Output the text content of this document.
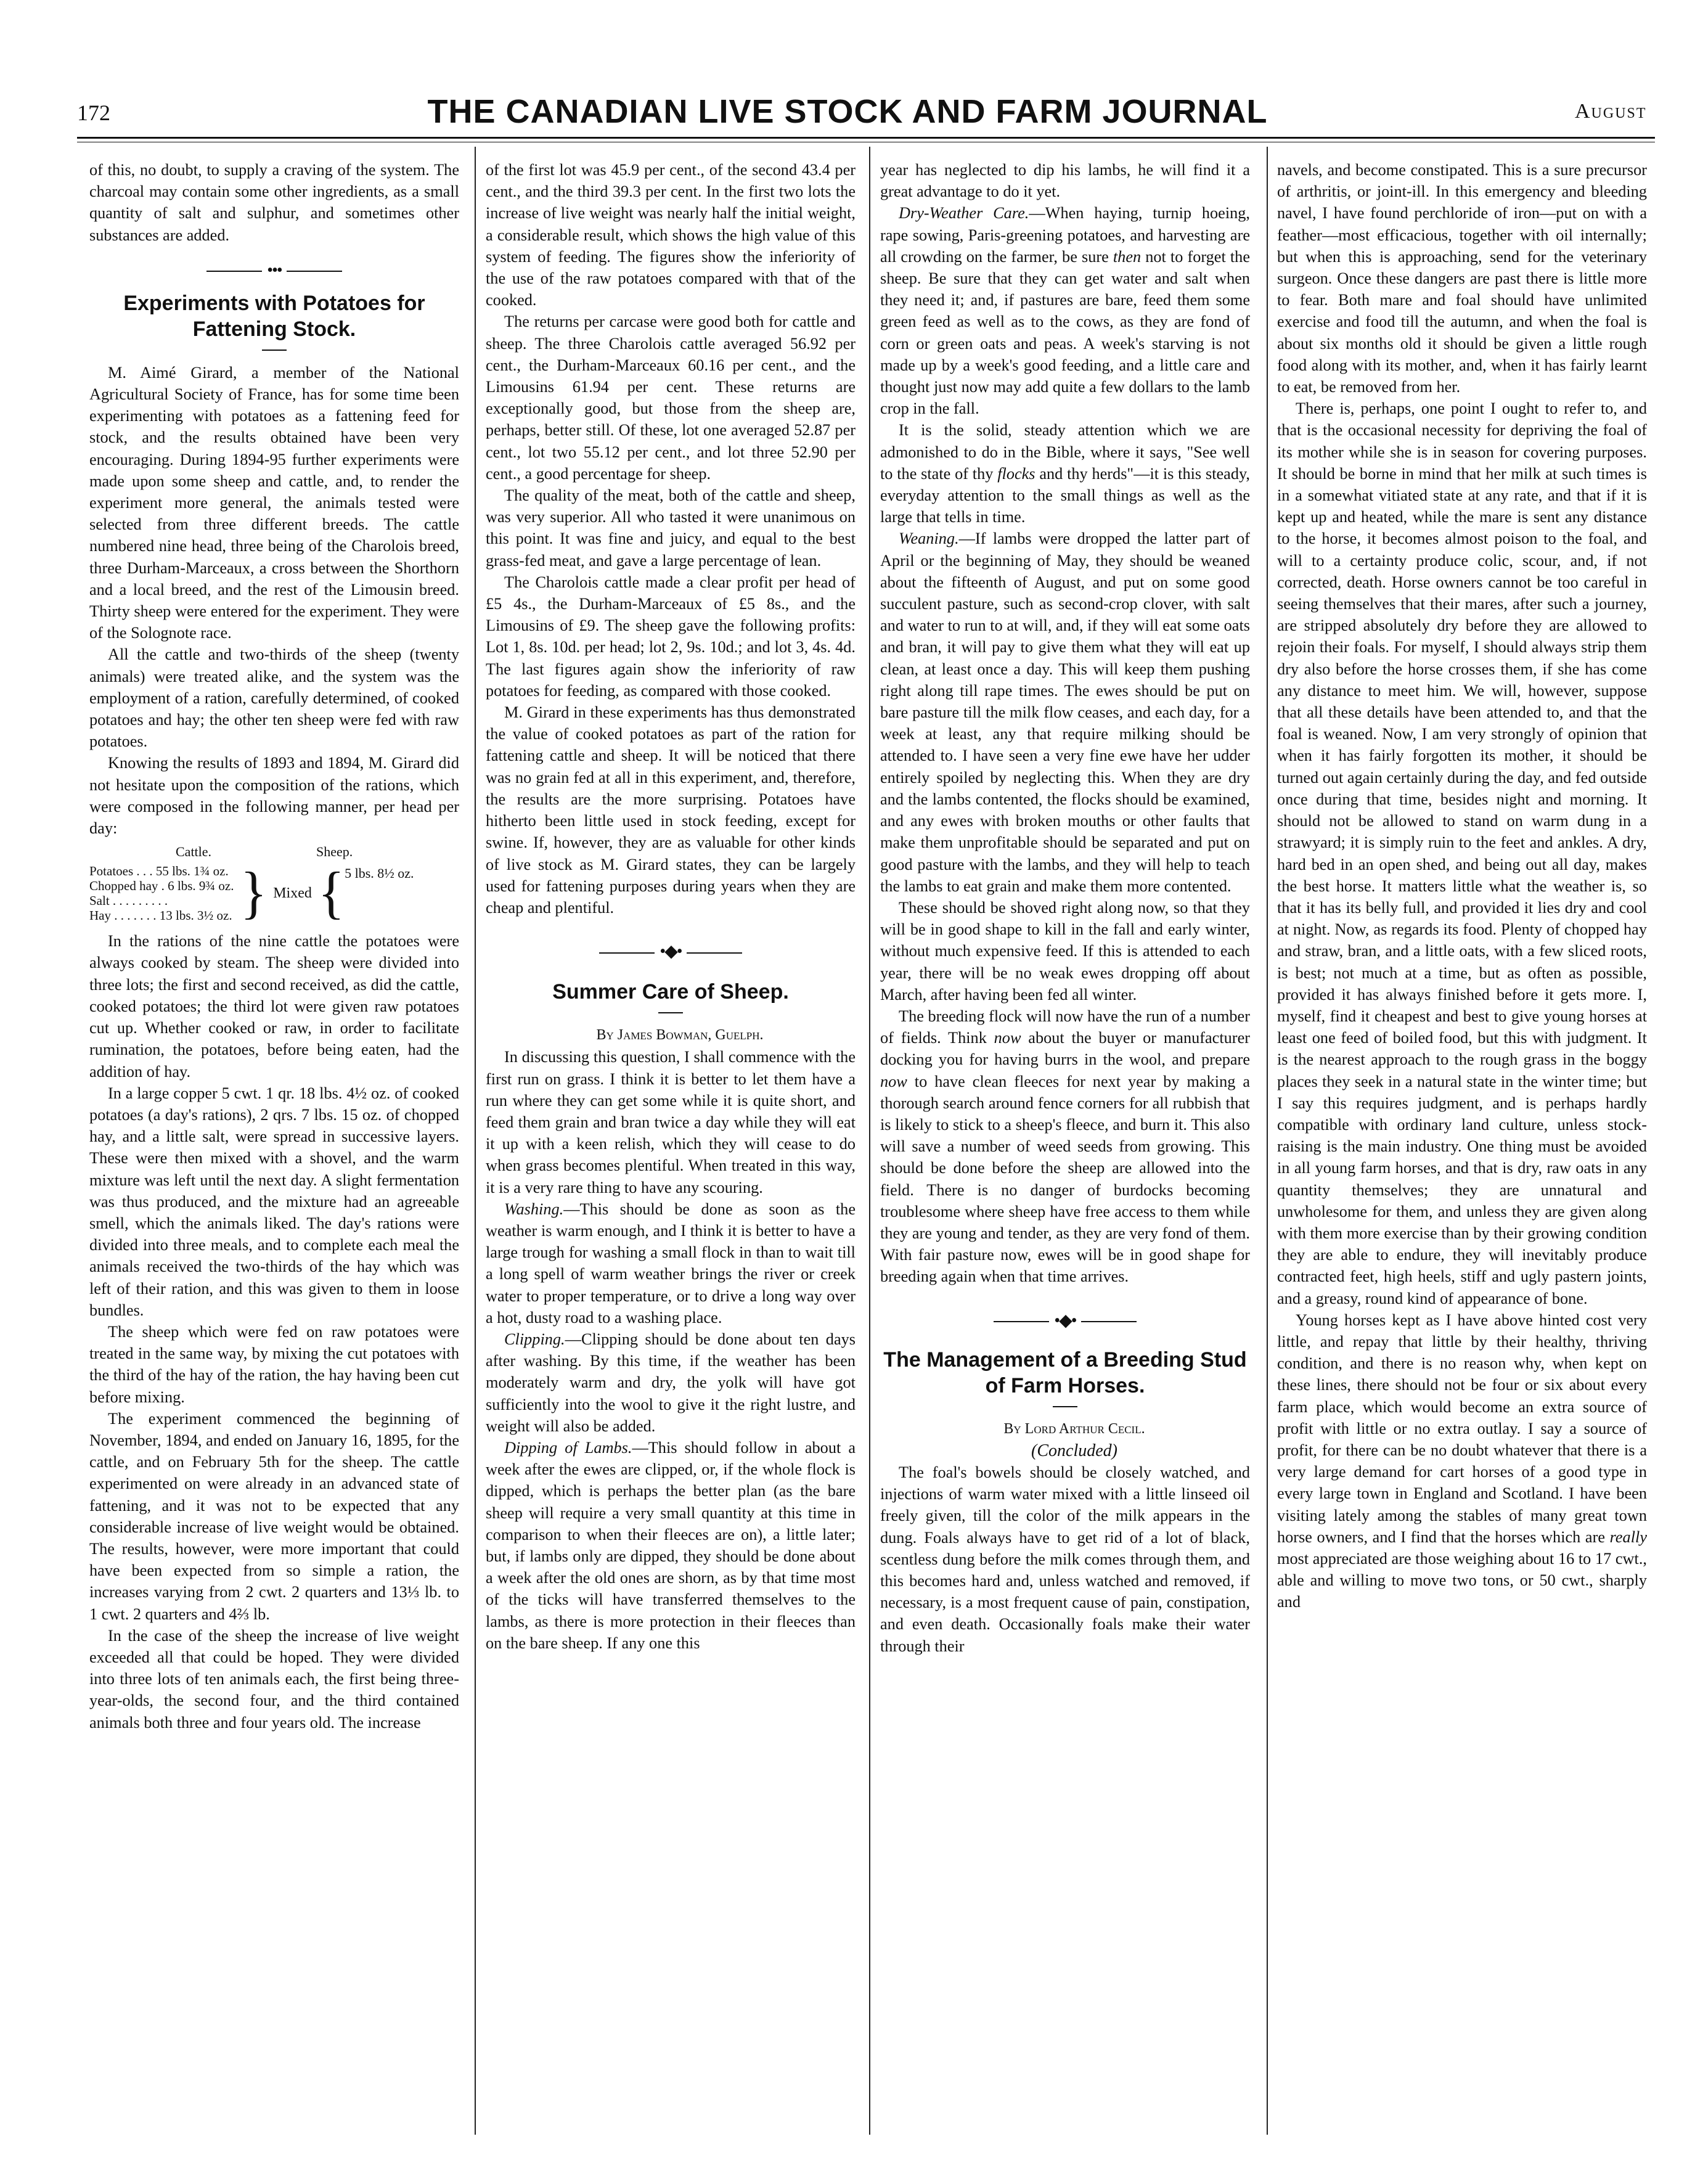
172	THE CANADIAN LIVE STOCK AND FARM JOURNAL	August

of this, no doubt, to supply a craving of the system. The charcoal may contain some other ingredients, as a small quantity of salt and sulphur, and sometimes other substances are added.

•••
Experiments with Potatoes for Fattening Stock.

M. Aimé Girard, a member of the National Agricultural Society of France, has for some time been experimenting with potatoes as a fattening feed for stock, and the results obtained have been very encouraging. During 1894-95 further experiments were made upon some sheep and cattle, and, to render the experiment more general, the animals tested were selected from three different breeds. The cattle numbered nine head, three being of the Charolois breed, three Durham-Marceaux, a cross between the Shorthorn and a local breed, and the rest of the Limousin breed. Thirty sheep were entered for the experiment. They were of the Solognote race.

All the cattle and two-thirds of the sheep (twenty animals) were treated alike, and the system was the employment of a ration, carefully determined, of cooked potatoes and hay; the other ten sheep were fed with raw potatoes.

Knowing the results of 1893 and 1894, M. Girard did not hesitate upon the composition of the rations, which were composed in the following manner, per head per day:

Cattle.	Sheep.
Potatoes . . . 55 lbs. 1¾ oz.
Chopped hay . 6 lbs. 9¾ oz.
Salt . . . . . . . . .
Hay . . . . . . . 13 lbs. 3½ oz. } Mixed { 5 lbs. 8½ oz.

In the rations of the nine cattle the potatoes were always cooked by steam. The sheep were divided into three lots; the first and second received, as did the cattle, cooked potatoes; the third lot were given raw potatoes cut up. Whether cooked or raw, in order to facilitate rumination, the potatoes, before being eaten, had the addition of hay.

In a large copper 5 cwt. 1 qr. 18 lbs. 4½ oz. of cooked potatoes (a day's rations), 2 qrs. 7 lbs. 15 oz. of chopped hay, and a little salt, were spread in successive layers. These were then mixed with a shovel, and the warm mixture was left until the next day. A slight fermentation was thus produced, and the mixture had an agreeable smell, which the animals liked. The day's rations were divided into three meals, and to complete each meal the animals received the two-thirds of the hay which was left of their ration, and this was given to them in loose bundles.

The sheep which were fed on raw potatoes were treated in the same way, by mixing the cut potatoes with the third of the hay of the ration, the hay having been cut before mixing.

The experiment commenced the beginning of November, 1894, and ended on January 16, 1895, for the cattle, and on February 5th for the sheep. The cattle experimented on were already in an advanced state of fattening, and it was not to be expected that any considerable increase of live weight would be obtained. The results, however, were more important that could have been expected from so simple a ration, the increases varying from 2 cwt. 2 quarters and 13⅓ lb. to 1 cwt. 2 quarters and 4⅔ lb.

In the case of the sheep the increase of live weight exceeded all that could be hoped. They were divided into three lots of ten animals each, the first being three-year-olds, the second four, and the third contained animals both three and four years old. The increase

of the first lot was 45.9 per cent., of the second 43.4 per cent., and the third 39.3 per cent. In the first two lots the increase of live weight was nearly half the initial weight, a considerable result, which shows the high value of this system of feeding. The figures show the inferiority of the use of the raw potatoes compared with that of the cooked.

The returns per carcase were good both for cattle and sheep. The three Charolois cattle averaged 56.92 per cent., the Durham-Marceaux 60.16 per cent., and the Limousins 61.94 per cent. These returns are exceptionally good, but those from the sheep are, perhaps, better still. Of these, lot one averaged 52.87 per cent., lot two 55.12 per cent., and lot three 52.90 per cent., a good percentage for sheep.

The quality of the meat, both of the cattle and sheep, was very superior. All who tasted it were unanimous on this point. It was fine and juicy, and equal to the best grass-fed meat, and gave a large percentage of lean.

The Charolois cattle made a clear profit per head of £5 4s., the Durham-Marceaux of £5 8s., and the Limousins of £9. The sheep gave the following profits: Lot 1, 8s. 10d. per head; lot 2, 9s. 10d.; and lot 3, 4s. 4d. The last figures again show the inferiority of raw potatoes for feeding, as compared with those cooked.

M. Girard in these experiments has thus demonstrated the value of cooked potatoes as part of the ration for fattening cattle and sheep. It will be noticed that there was no grain fed at all in this experiment, and, therefore, the results are the more surprising. Potatoes have hitherto been little used in stock feeding, except for swine. If, however, they are as valuable for other kinds of live stock as M. Girard states, they can be largely used for fattening purposes during years when they are cheap and plentiful.

•◆•
Summer Care of Sheep.

By James Bowman, Guelph.

In discussing this question, I shall commence with the first run on grass. I think it is better to let them have a run where they can get some while it is quite short, and feed them grain and bran twice a day while they will eat it up with a keen relish, which they will cease to do when grass becomes plentiful. When treated in this way, it is a very rare thing to have any scouring.

Washing.—This should be done as soon as the weather is warm enough, and I think it is better to have a large trough for washing a small flock in than to wait till a long spell of warm weather brings the river or creek water to proper temperature, or to drive a long way over a hot, dusty road to a washing place.

Clipping.—Clipping should be done about ten days after washing. By this time, if the weather has been moderately warm and dry, the yolk will have got sufficiently into the wool to give it the right lustre, and weight will also be added.

Dipping of Lambs.—This should follow in about a week after the ewes are clipped, or, if the whole flock is dipped, which is perhaps the better plan (as the bare sheep will require a very small quantity at this time in comparison to when their fleeces are on), a little later; but, if lambs only are dipped, they should be done about a week after the old ones are shorn, as by that time most of the ticks will have transferred themselves to the lambs, as there is more protection in their fleeces than on the bare sheep. If any one this

year has neglected to dip his lambs, he will find it a great advantage to do it yet.

Dry-Weather Care.—When haying, turnip hoeing, rape sowing, Paris-greening potatoes, and harvesting are all crowding on the farmer, be sure then not to forget the sheep. Be sure that they can get water and salt when they need it; and, if pastures are bare, feed them some green feed as well as to the cows, as they are fond of corn or green oats and peas. A week's starving is not made up by a week's good feeding, and a little care and thought just now may add quite a few dollars to the lamb crop in the fall.

It is the solid, steady attention which we are admonished to do in the Bible, where it says, "See well to the state of thy flocks and thy herds"—it is this steady, everyday attention to the small things as well as the large that tells in time.

Weaning.—If lambs were dropped the latter part of April or the beginning of May, they should be weaned about the fifteenth of August, and put on some good succulent pasture, such as second-crop clover, with salt and water to run to at will, and, if they will eat some oats and bran, it will pay to give them what they will eat up clean, at least once a day. This will keep them pushing right along till rape times. The ewes should be put on bare pasture till the milk flow ceases, and each day, for a week at least, any that require milking should be attended to. I have seen a very fine ewe have her udder entirely spoiled by neglecting this. When they are dry and the lambs contented, the flocks should be examined, and any ewes with broken mouths or other faults that make them unprofitable should be separated and put on good pasture with the lambs, and they will help to teach the lambs to eat grain and make them more contented.

These should be shoved right along now, so that they will be in good shape to kill in the fall and early winter, without much expensive feed. If this is attended to each year, there will be no weak ewes dropping off about March, after having been fed all winter.

The breeding flock will now have the run of a number of fields. Think now about the buyer or manufacturer docking you for having burrs in the wool, and prepare now to have clean fleeces for next year by making a thorough search around fence corners for all rubbish that is likely to stick to a sheep's fleece, and burn it. This also will save a number of weed seeds from growing. This should be done before the sheep are allowed into the field. There is no danger of burdocks becoming troublesome where sheep have free access to them while they are young and tender, as they are very fond of them. With fair pasture now, ewes will be in good shape for breeding again when that time arrives.

•◆•
The Management of a Breeding Stud of Farm Horses.

By Lord Arthur Cecil.

(Concluded)

The foal's bowels should be closely watched, and injections of warm water mixed with a little linseed oil freely given, till the color of the milk appears in the dung. Foals always have to get rid of a lot of black, scentless dung before the milk comes through them, and this becomes hard and, unless watched and removed, if necessary, is a most frequent cause of pain, constipation, and even death. Occasionally foals make their water through their

navels, and become constipated. This is a sure precursor of arthritis, or joint-ill. In this emergency and bleeding navel, I have found perchloride of iron—put on with a feather—most efficacious, together with oil internally; but when this is approaching, send for the veterinary surgeon. Once these dangers are past there is little more to fear. Both mare and foal should have unlimited exercise and food till the autumn, and when the foal is about six months old it should be given a little rough food along with its mother, and, when it has fairly learnt to eat, be removed from her.

There is, perhaps, one point I ought to refer to, and that is the occasional necessity for depriving the foal of its mother while she is in season for covering purposes. It should be borne in mind that her milk at such times is in a somewhat vitiated state at any rate, and that if it is kept up and heated, while the mare is sent any distance to the horse, it becomes almost poison to the foal, and will to a certainty produce colic, scour, and, if not corrected, death. Horse owners cannot be too careful in seeing themselves that their mares, after such a journey, are stripped absolutely dry before they are allowed to rejoin their foals. For myself, I should always strip them dry also before the horse crosses them, if she has come any distance to meet him. We will, however, suppose that all these details have been attended to, and that the foal is weaned. Now, I am very strongly of opinion that when it has fairly forgotten its mother, it should be turned out again certainly during the day, and fed outside once during that time, besides night and morning. It should not be allowed to stand on warm dung in a strawyard; it is simply ruin to the feet and ankles. A dry, hard bed in an open shed, and being out all day, makes the best horse. It matters little what the weather is, so that it has its belly full, and provided it lies dry and cool at night. Now, as regards its food. Plenty of chopped hay and straw, bran, and a little oats, with a few sliced roots, is best; not much at a time, but as often as possible, provided it has always finished before it gets more. I, myself, find it cheapest and best to give young horses at least one feed of boiled food, but this with judgment. It is the nearest approach to the rough grass in the boggy places they seek in a natural state in the winter time; but I say this requires judgment, and is perhaps hardly compatible with ordinary land culture, unless stock-raising is the main industry. One thing must be avoided in all young farm horses, and that is dry, raw oats in any quantity themselves; they are unnatural and unwholesome for them, and unless they are given along with them more exercise than by their growing condition they are able to endure, they will inevitably produce contracted feet, high heels, stiff and ugly pastern joints, and a greasy, round kind of appearance of bone.

Young horses kept as I have above hinted cost very little, and repay that little by their healthy, thriving condition, and there is no reason why, when kept on these lines, there should not be four or six about every farm place, which would become an extra source of profit with little or no extra outlay. I say a source of profit, for there can be no doubt whatever that there is a very large demand for cart horses of a good type in every large town in England and Scotland. I have been visiting lately among the stables of many great town horse owners, and I find that the horses which are really most appreciated are those weighing about 16 to 17 cwt., able and willing to move two tons, or 50 cwt., sharply and
